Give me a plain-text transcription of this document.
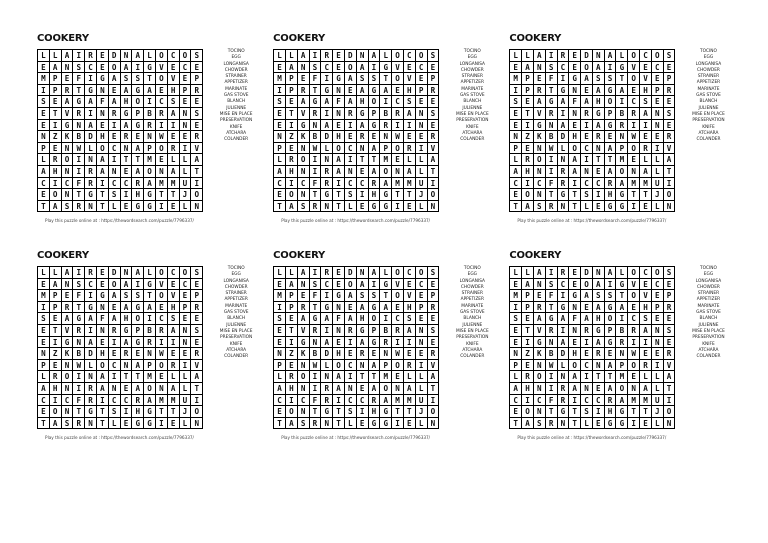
COOKERY
L L A I R E D N A L O C O S
E A N S C E O A I G V E C E
M P E F I G A S S T O V E P
I P R T G N E A G A E H P R
S E A G A F A H O I C S E E
E T V R I N R G P B R A N S
E I G N A E I A G R I I N E
N Z K B D H E R E N W E E R
P E N W L O C N A P O R I V
L R O I N A I T T M E L L A
A H N I R A N E A O N A L T
C I C F R I C C R A M M U I
E O N T G T S I H G T T J O
T A S R N T L E G G I E L N
TOCINO
EGG
LONGANISA
CHOWDER
STRAINER
APPETIZER
MARINATE
GAS STOVE
BLANCH
JULIENNE
MISE EN PLACE
PRESERVATION
KNIFE
ATCHARA
COLANDER
Play this puzzle online at : https://thewordsearch.com/puzzle/7796337/
COOKERY
L L A I R E D N A L O C O S
E A N S C E O A I G V E C E
M P E F I G A S S T O V E P
I P R T G N E A G A E H P R
S E A G A F A H O I C S E E
E T V R I N R G P B R A N S
E I G N A E I A G R I I N E
N Z K B D H E R E N W E E R
P E N W L O C N A P O R I V
L R O I N A I T T M E L L A
A H N I R A N E A O N A L T
C I C F R I C C R A M M U I
E O N T G T S I H G T T J O
T A S R N T L E G G I E L N
TOCINO
EGG
LONGANISA
CHOWDER
STRAINER
APPETIZER
MARINATE
GAS STOVE
BLANCH
JULIENNE
MISE EN PLACE
PRESERVATION
KNIFE
ATCHARA
COLANDER
Play this puzzle online at : https://thewordsearch.com/puzzle/7796337/
COOKERY
L L A I R E D N A L O C O S
E A N S C E O A I G V E C E
M P E F I G A S S T O V E P
I P R T G N E A G A E H P R
S E A G A F A H O I C S E E
E T V R I N R G P B R A N S
E I G N A E I A G R I I N E
N Z K B D H E R E N W E E R
P E N W L O C N A P O R I V
L R O I N A I T T M E L L A
A H N I R A N E A O N A L T
C I C F R I C C R A M M U I
E O N T G T S I H G T T J O
T A S R N T L E G G I E L N
TOCINO
EGG
LONGANISA
CHOWDER
STRAINER
APPETIZER
MARINATE
GAS STOVE
BLANCH
JULIENNE
MISE EN PLACE
PRESERVATION
KNIFE
ATCHARA
COLANDER
Play this puzzle online at : https://thewordsearch.com/puzzle/7796337/
COOKERY
L L A I R E D N A L O C O S
E A N S C E O A I G V E C E
M P E F I G A S S T O V E P
I P R T G N E A G A E H P R
S E A G A F A H O I C S E E
E T V R I N R G P B R A N S
E I G N A E I A G R I I N E
N Z K B D H E R E N W E E R
P E N W L O C N A P O R I V
L R O I N A I T T M E L L A
A H N I R A N E A O N A L T
C I C F R I C C R A M M U I
E O N T G T S I H G T T J O
T A S R N T L E G G I E L N
TOCINO
EGG
LONGANISA
CHOWDER
STRAINER
APPETIZER
MARINATE
GAS STOVE
BLANCH
JULIENNE
MISE EN PLACE
PRESERVATION
KNIFE
ATCHARA
COLANDER
Play this puzzle online at : https://thewordsearch.com/puzzle/7796337/
COOKERY
L L A I R E D N A L O C O S
E A N S C E O A I G V E C E
M P E F I G A S S T O V E P
I P R T G N E A G A E H P R
S E A G A F A H O I C S E E
E T V R I N R G P B R A N S
E I G N A E I A G R I I N E
N Z K B D H E R E N W E E R
P E N W L O C N A P O R I V
L R O I N A I T T M E L L A
A H N I R A N E A O N A L T
C I C F R I C C R A M M U I
E O N T G T S I H G T T J O
T A S R N T L E G G I E L N
TOCINO
EGG
LONGANISA
CHOWDER
STRAINER
APPETIZER
MARINATE
GAS STOVE
BLANCH
JULIENNE
MISE EN PLACE
PRESERVATION
KNIFE
ATCHARA
COLANDER
Play this puzzle online at : https://thewordsearch.com/puzzle/7796337/
COOKERY
L L A I R E D N A L O C O S
E A N S C E O A I G V E C E
M P E F I G A S S T O V E P
I P R T G N E A G A E H P R
S E A G A F A H O I C S E E
E T V R I N R G P B R A N S
E I G N A E I A G R I I N E
N Z K B D H E R E N W E E R
P E N W L O C N A P O R I V
L R O I N A I T T M E L L A
A H N I R A N E A O N A L T
C I C F R I C C R A M M U I
E O N T G T S I H G T T J O
T A S R N T L E G G I E L N
TOCINO
EGG
LONGANISA
CHOWDER
STRAINER
APPETIZER
MARINATE
GAS STOVE
BLANCH
JULIENNE
MISE EN PLACE
PRESERVATION
KNIFE
ATCHARA
COLANDER
Play this puzzle online at : https://thewordsearch.com/puzzle/7796337/
